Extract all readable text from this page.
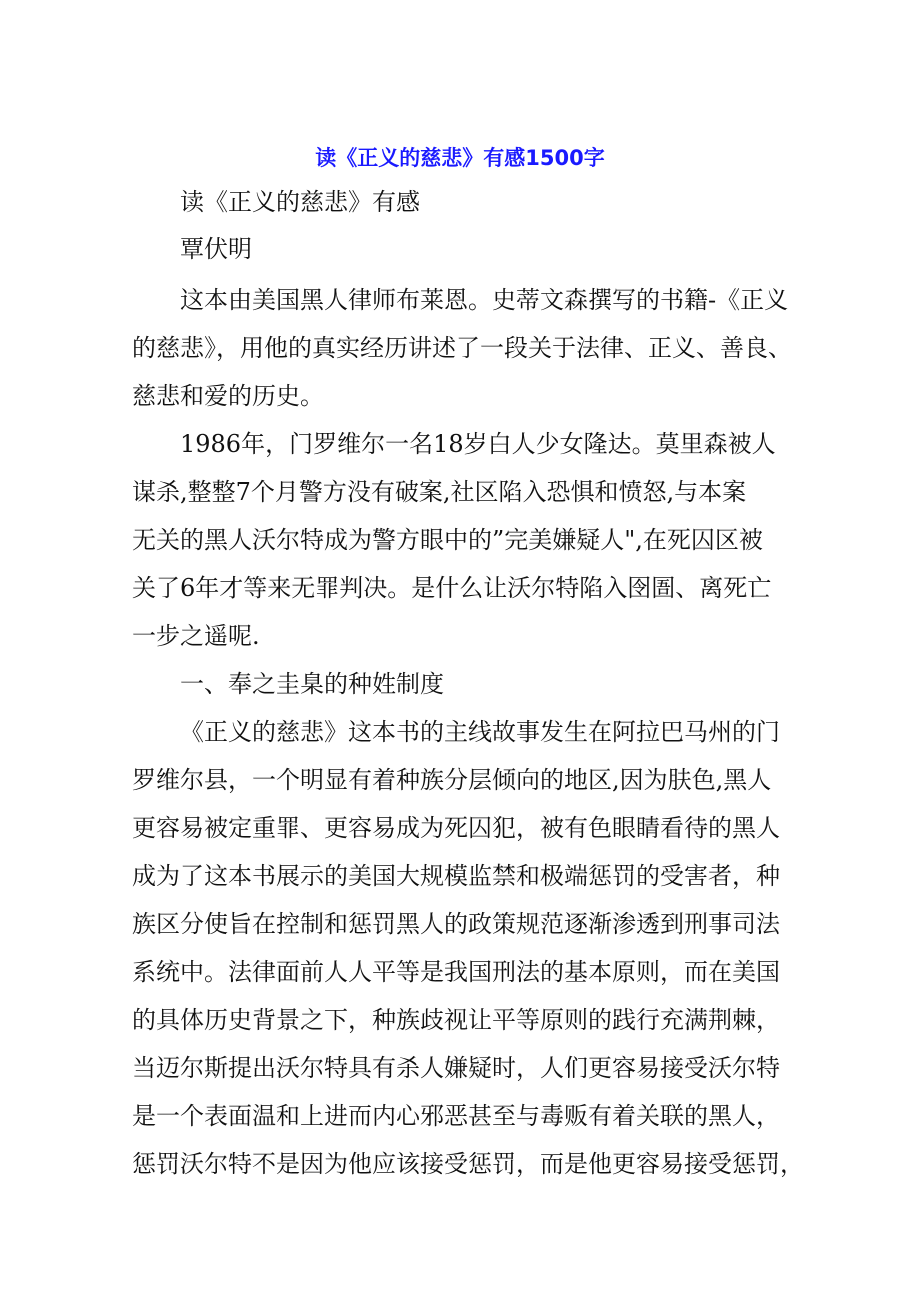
读《正义的慈悲》有感1500字
读《正义的慈悲》有感
覃伏明
这本由美国黑人律师布莱恩。史蒂文森撰写的书籍-《正义
的慈悲》，用他的真实经历讲述了一段关于法律、正义、善良、
慈悲和爱的历史。
1986年，门罗维尔一名18岁白人少女隆达。莫里森被人
谋杀,整整7个月警方没有破案,社区陷入恐惧和愤怒,与本案
无关的黑人沃尔特成为警方眼中的”完美嫌疑人",在死囚区被
关了6年才等来无罪判决。是什么让沃尔特陷入囹圄、离死亡
一步之遥呢.
一、奉之圭臬的种姓制度
《正义的慈悲》这本书的主线故事发生在阿拉巴马州的门
罗维尔县，一个明显有着种族分层倾向的地区,因为肤色,黑人
更容易被定重罪、更容易成为死囚犯，被有色眼睛看待的黑人
成为了这本书展示的美国大规模监禁和极端惩罚的受害者，种
族区分使旨在控制和惩罚黑人的政策规范逐渐渗透到刑事司法
系统中。法律面前人人平等是我国刑法的基本原则，而在美国
的具体历史背景之下，种族歧视让平等原则的践行充满荆棘，
当迈尔斯提出沃尔特具有杀人嫌疑时，人们更容易接受沃尔特
是一个表面温和上进而内心邪恶甚至与毒贩有着关联的黑人，
惩罚沃尔特不是因为他应该接受惩罚，而是他更容易接受惩罚，
